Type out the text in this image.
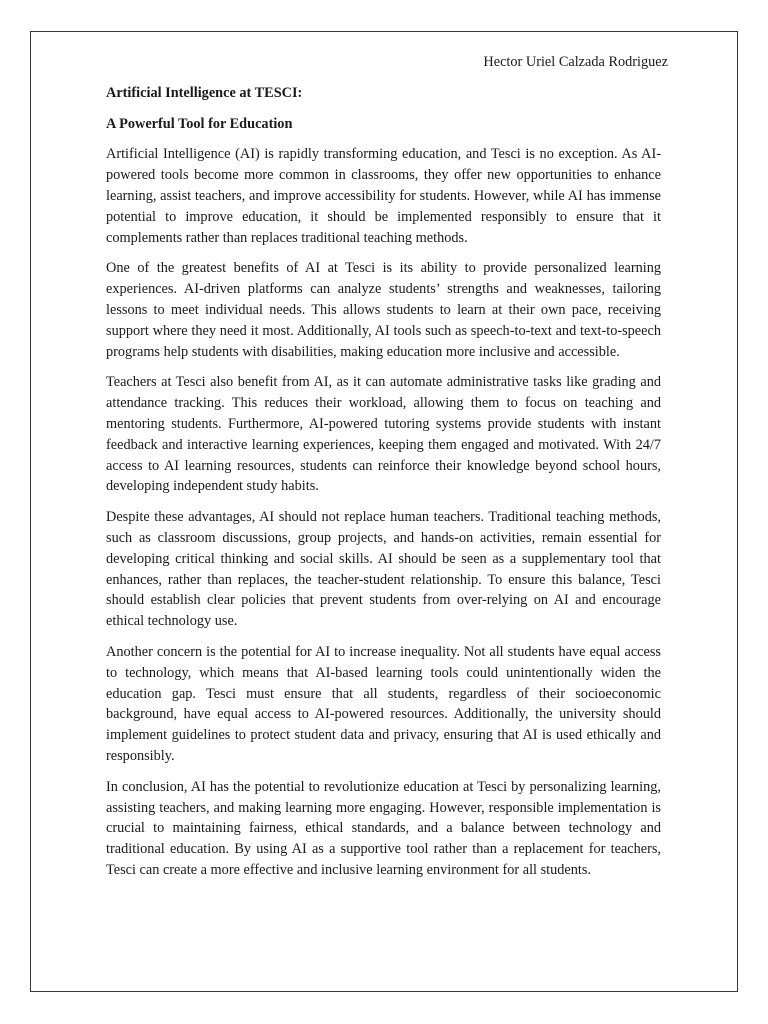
Hector Uriel Calzada Rodriguez
Artificial Intelligence at TESCI:
A Powerful Tool for Education

Artificial Intelligence (AI) is rapidly transforming education, and Tesci is no exception. As AI-powered tools become more common in classrooms, they offer new opportunities to enhance learning, assist teachers, and improve accessibility for students. However, while AI has immense potential to improve education, it should be implemented responsibly to ensure that it complements rather than replaces traditional teaching methods.

One of the greatest benefits of AI at Tesci is its ability to provide personalized learning experiences. AI-driven platforms can analyze students’ strengths and weaknesses, tailoring lessons to meet individual needs. This allows students to learn at their own pace, receiving support where they need it most. Additionally, AI tools such as speech-to-text and text-to-speech programs help students with disabilities, making education more inclusive and accessible.

Teachers at Tesci also benefit from AI, as it can automate administrative tasks like grading and attendance tracking. This reduces their workload, allowing them to focus on teaching and mentoring students. Furthermore, AI-powered tutoring systems provide students with instant feedback and interactive learning experiences, keeping them engaged and motivated. With 24/7 access to AI learning resources, students can reinforce their knowledge beyond school hours, developing independent study habits.

Despite these advantages, AI should not replace human teachers. Traditional teaching methods, such as classroom discussions, group projects, and hands-on activities, remain essential for developing critical thinking and social skills. AI should be seen as a supplementary tool that enhances, rather than replaces, the teacher-student relationship. To ensure this balance, Tesci should establish clear policies that prevent students from over-relying on AI and encourage ethical technology use.

Another concern is the potential for AI to increase inequality. Not all students have equal access to technology, which means that AI-based learning tools could unintentionally widen the education gap. Tesci must ensure that all students, regardless of their socioeconomic background, have equal access to AI-powered resources. Additionally, the university should implement guidelines to protect student data and privacy, ensuring that AI is used ethically and responsibly.

In conclusion, AI has the potential to revolutionize education at Tesci by personalizing learning, assisting teachers, and making learning more engaging. However, responsible implementation is crucial to maintaining fairness, ethical standards, and a balance between technology and traditional education. By using AI as a supportive tool rather than a replacement for teachers, Tesci can create a more effective and inclusive learning environment for all students.
